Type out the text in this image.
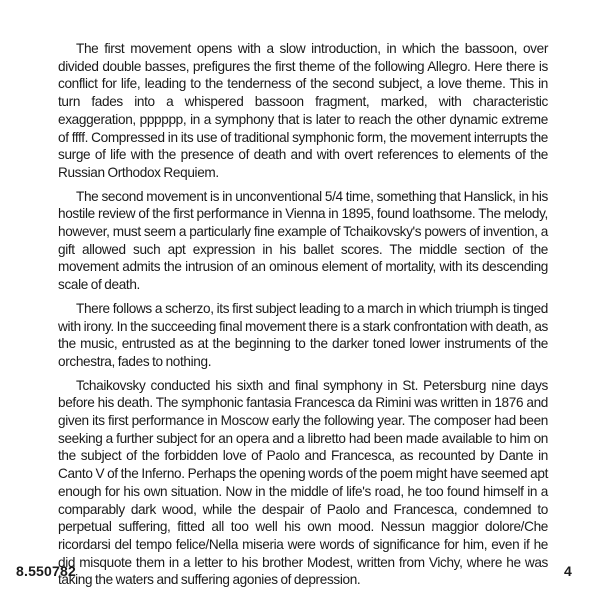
The first movement opens with a slow introduction, in which the bassoon, over divided double basses, prefigures the first theme of the following Allegro. Here there is conflict for life, leading to the tenderness of the second subject, a love theme. This in turn fades into a whispered bassoon fragment, marked, with characteristic exaggeration, pppppp, in a symphony that is later to reach the other dynamic extreme of ffff. Compressed in its use of traditional symphonic form, the movement interrupts the surge of life with the presence of death and with overt references to elements of the Russian Orthodox Requiem.

The second movement is in unconventional 5/4 time, something that Hanslick, in his hostile review of the first performance in Vienna in 1895, found loathsome. The melody, however, must seem a particularly fine example of Tchaikovsky's powers of invention, a gift allowed such apt expression in his ballet scores. The middle section of the movement admits the intrusion of an ominous element of mortality, with its descending scale of death.

There follows a scherzo, its first subject leading to a march in which triumph is tinged with irony. In the succeeding final movement there is a stark confrontation with death, as the music, entrusted as at the beginning to the darker toned lower instruments of the orchestra, fades to nothing.

Tchaikovsky conducted his sixth and final symphony in St. Petersburg nine days before his death. The symphonic fantasia Francesca da Rimini was written in 1876 and given its first performance in Moscow early the following year. The composer had been seeking a further subject for an opera and a libretto had been made available to him on the subject of the forbidden love of Paolo and Francesca, as recounted by Dante in Canto V of the Inferno. Perhaps the opening words of the poem might have seemed apt enough for his own situation. Now in the middle of life's road, he too found himself in a comparably dark wood, while the despair of Paolo and Francesca, condemned to perpetual suffering, fitted all too well his own mood. Nessun maggior dolore/Che ricordarsi del tempo felice/Nella miseria were words of significance for him, even if he did misquote them in a letter to his brother Modest, written from Vichy, where he was taking the waters and suffering agonies of depression.

8.550782	4
